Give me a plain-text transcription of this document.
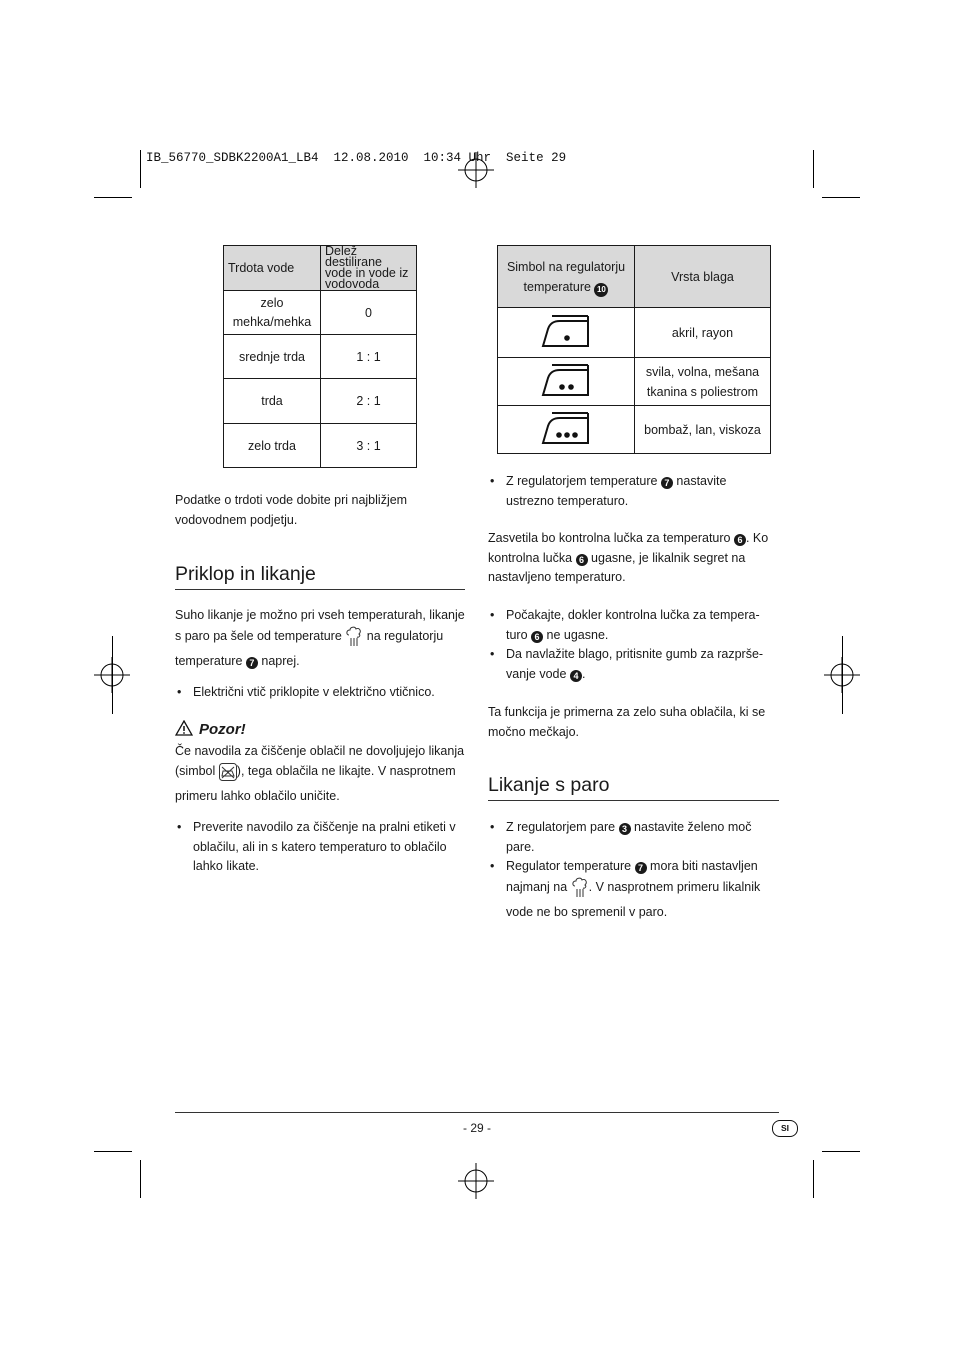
IB_56770_SDBK2200A1_LB4  12.08.2010  10:34 Uhr  Seite 29
Trdota vode	Delež destilirane vode in vode iz vodovoda
zelo mehka/mehka	0
srednje trda	1 : 1
trda	2 : 1
zelo trda	3 : 1

Podatke o trdoti vode dobite pri najbližjem vodovodnem podjetju.

Priklop in likanje

Suho likanje je možno pri vseh temperaturah, likanje s paro pa šele od temperature na regulatorju temperature 7 naprej.

• Električni vtič priklopite v električno vtičnico.
Pozor!

Če navodila za čiščenje oblačil ne dovoljujejo likanja (simbol ), tega oblačila ne likajte. V nasprotnem primeru lahko oblačilo uničite.

• Preverite navodilo za čiščenje na pralni etiketi v oblačilu, ali in s katero temperaturo to oblačilo lahko likate.
Simbol na regulatorju temperature 10	Vrsta blaga
	akril, rayon
	svila, volna, mešana tkanina s poliestrom
	bombaž, lan, viskoza
• Z regulatorjem temperature 7 nastavite ustrezno temperaturo.

Zasvetila bo kontrolna lučka za temperaturo 6 . Ko kontrolna lučka 6 ugasne, je likalnik segret na nastavljeno temperaturo.

• Počakajte, dokler kontrolna lučka za tempera-turo 6 ne ugasne.
• Da navlažite blago, pritisnite gumb za razprše-vanje vode 4 .

Ta funkcija je primerna za zelo suha oblačila, ki se močno mečkajo.

Likanje s paro
• Z regulatorjem pare 3 nastavite želeno moč pare.
• Regulator temperature 7 mora biti nastavljen najmanj na . V nasprotnem primeru likalnik vode ne bo spremenil v paro.
- 29 -	SI
